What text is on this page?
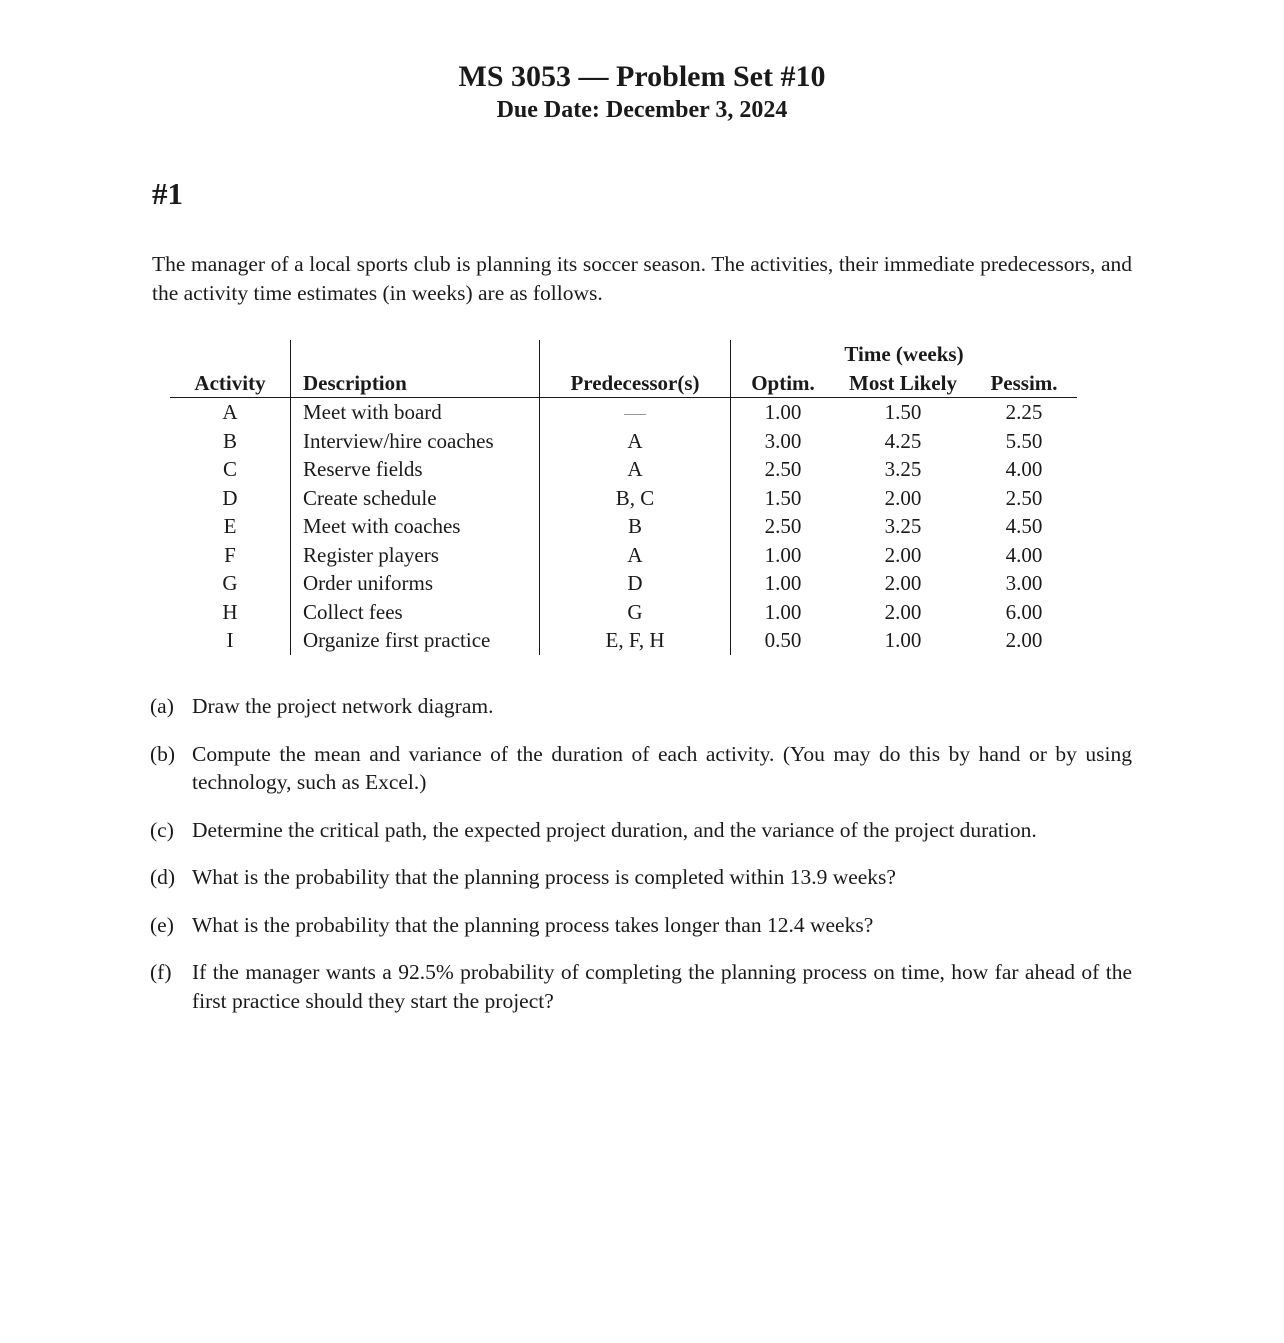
MS 3053 — Problem Set #10
Due Date: December 3, 2024
#1
The manager of a local sports club is planning its soccer season. The activities, their immediate predecessors, and the activity time estimates (in weeks) are as follows.
			Time (weeks)		
Activity	Description	Predecessor(s)	Optim.	Most Likely	Pessim.
A	Meet with board		1.00	1.50	2.25
B	Interview/hire coaches	A	3.00	4.25	5.50
C	Reserve fields	A	2.50	3.25	4.00
D	Create schedule	B, C	1.50	2.00	2.50
E	Meet with coaches	B	2.50	3.25	4.50
F	Register players	A	1.00	2.00	4.00
G	Order uniforms	D	1.00	2.00	3.00
H	Collect fees	G	1.00	2.00	6.00
I	Organize first practice	E, F, H	0.50	1.00	2.00
(a) Draw the project network diagram.
(b) Compute the mean and variance of the duration of each activity. (You may do this by hand or by using technology, such as Excel.)
(c) Determine the critical path, the expected project duration, and the variance of the project duration.
(d) What is the probability that the planning process is completed within 13.9 weeks?
(e) What is the probability that the planning process takes longer than 12.4 weeks?
(f) If the manager wants a 92.5% probability of completing the planning process on time, how far ahead of the first practice should they start the project?
